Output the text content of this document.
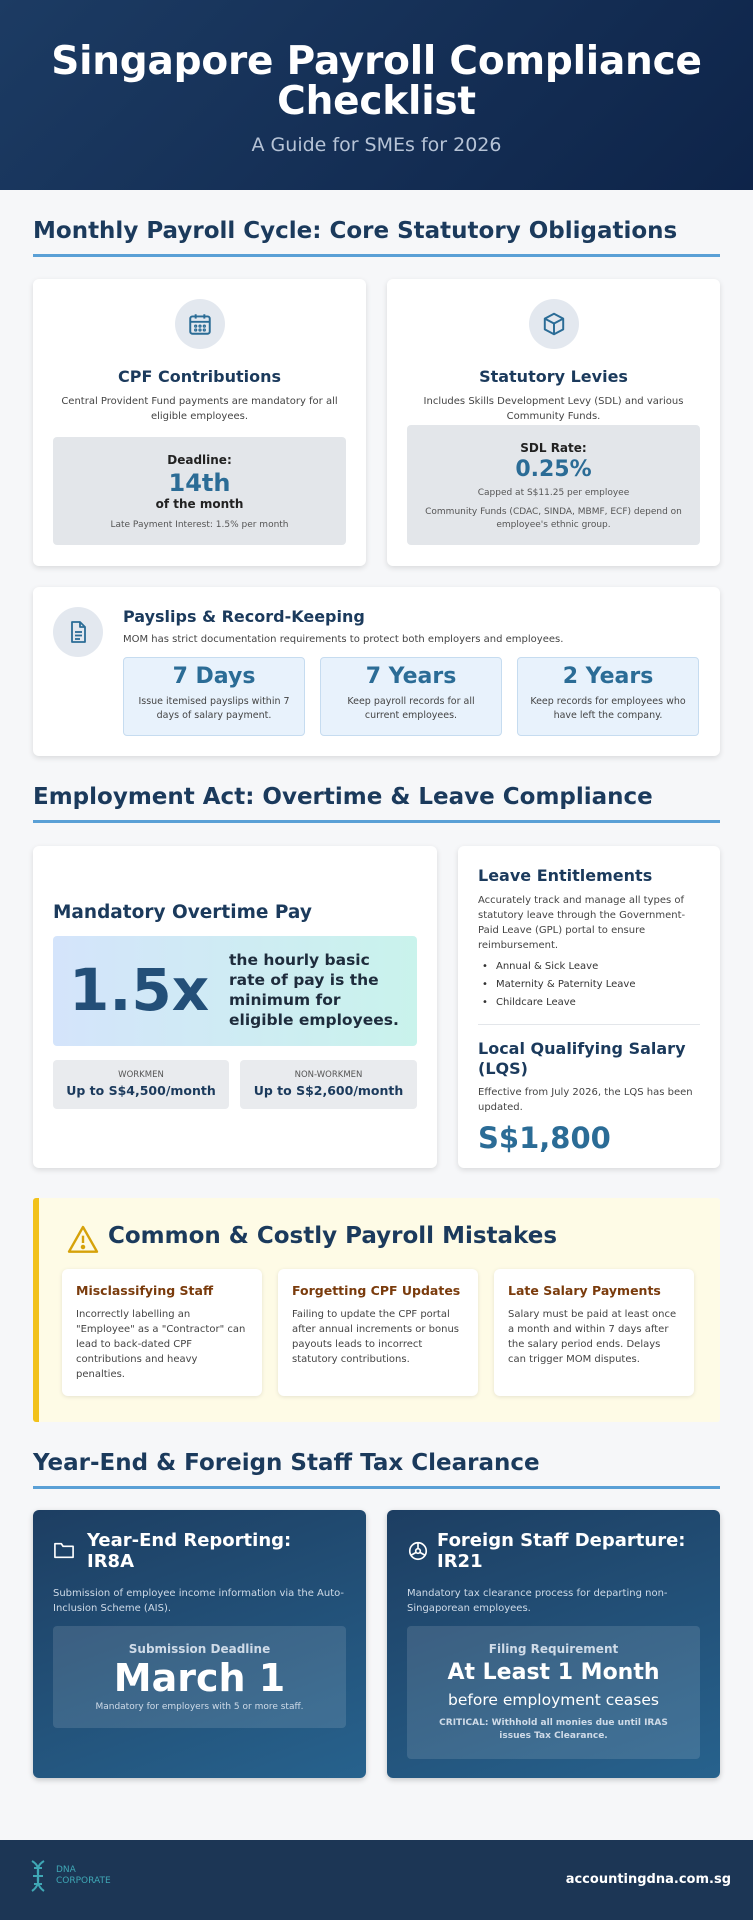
Singapore Payroll Compliance
Checklist
A Guide for SMEs for 2026
Monthly Payroll Cycle: Core Statutory Obligations
CPF Contributions

Central Provident Fund payments are mandatory for all eligible employees.

Deadline:
14th
of the month
Late Payment Interest: 1.5% per month
Statutory Levies

Includes Skills Development Levy (SDL) and various Community Funds.

SDL Rate:
0.25%
Capped at S$11.25 per employee
Community Funds (CDAC, SINDA, MBMF, ECF) depend on employee's ethnic group.
Payslips & Record-Keeping

MOM has strict documentation requirements to protect both employers and employees.

7 Days
Issue itemised payslips within 7 days of salary payment.
7 Years
Keep payroll records for all current employees.
2 Years
Keep records for employees who have left the company.
Employment Act: Overtime & Leave Compliance
Mandatory Overtime Pay
1.5x the hourly basic rate of pay is the minimum for eligible employees.
WORKMEN
Up to S$4,500/month
NON-WORKMEN
Up to S$2,600/month
Leave Entitlements

Accurately track and manage all types of statutory leave through the Government-Paid Leave (GPL) portal to ensure reimbursement.

• Annual & Sick Leave
• Maternity & Paternity Leave
• Childcare Leave
Local Qualifying Salary
(LQS)

Effective from July 2026, the LQS has been updated.

S$1,800
Common & Costly Payroll Mistakes
Misclassifying Staff

Incorrectly labelling an "Employee" as a "Contractor" can lead to back-dated CPF contributions and heavy penalties.

Forgetting CPF Updates

Failing to update the CPF portal after annual increments or bonus payouts leads to incorrect statutory contributions.

Late Salary Payments

Salary must be paid at least once a month and within 7 days after the salary period ends. Delays can trigger MOM disputes.

Year-End & Foreign Staff Tax Clearance
Year-End Reporting:
IR8A

Submission of employee income information via the Auto-Inclusion Scheme (AIS).

Submission Deadline
March 1
Mandatory for employers with 5 or more staff.
Foreign Staff Departure:
IR21

Mandatory tax clearance process for departing non-Singaporean employees.

Filing Requirement
At Least 1 Month
before employment ceases
CRITICAL: Withhold all monies due until IRAS issues Tax Clearance.
DNA
CORPORATE	accountingdna.com.sg
